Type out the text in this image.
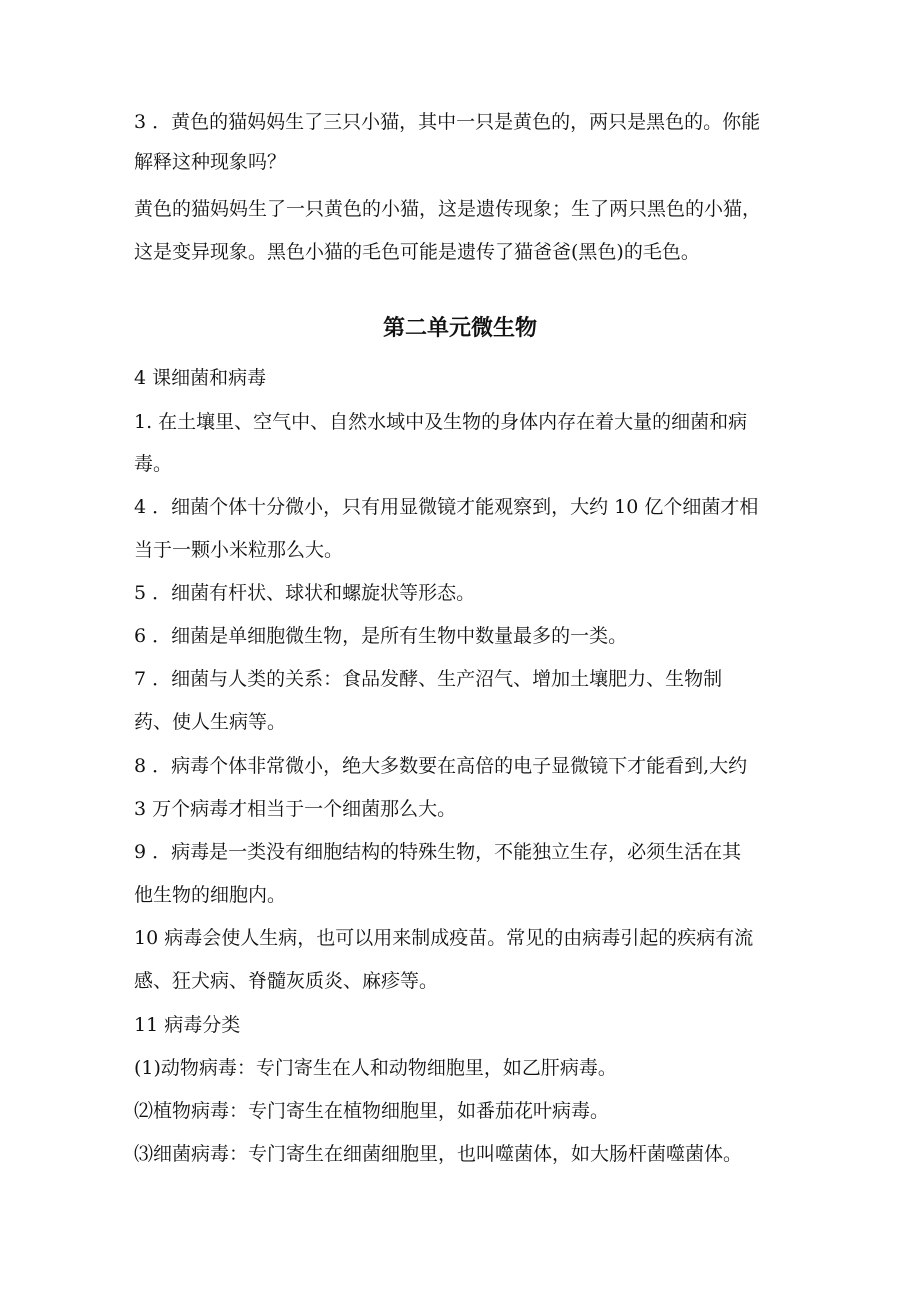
3 ．黄色的猫妈妈生了三只小猫，其中一只是黄色的，两只是黑色的。你能

解释这种现象吗？

黄色的猫妈妈生了一只黄色的小猫，这是遗传现象；生了两只黑色的小猫，

这是变异现象。黑色小猫的毛色可能是遗传了猫爸爸(黑色)的毛色。

第二单元微生物

4 课细菌和病毒

1. 在土壤里、空气中、自然水域中及生物的身体内存在着大量的细菌和病

毒。

4 ．细菌个体十分微小，只有用显微镜才能观察到，大约 10 亿个细菌才相

当于一颗小米粒那么大。

5 ．细菌有杆状、球状和螺旋状等形态。

6 ．细菌是单细胞微生物，是所有生物中数量最多的一类。

7 ．细菌与人类的关系：食品发酵、生产沼气、增加土壤肥力、生物制

药、使人生病等。

8 ．病毒个体非常微小，绝大多数要在高倍的电子显微镜下才能看到,大约

3 万个病毒才相当于一个细菌那么大。

9 ．病毒是一类没有细胞结构的特殊生物，不能独立生存，必须生活在其

他生物的细胞内。

10 病毒会使人生病，也可以用来制成疫苗。常见的由病毒引起的疾病有流

感、狂犬病、脊髓灰质炎、麻疹等。

11 病毒分类

(1)动物病毒：专门寄生在人和动物细胞里，如乙肝病毒。

⑵植物病毒：专门寄生在植物细胞里，如番茄花叶病毒。

⑶细菌病毒：专门寄生在细菌细胞里，也叫噬菌体，如大肠杆菌噬菌体。
